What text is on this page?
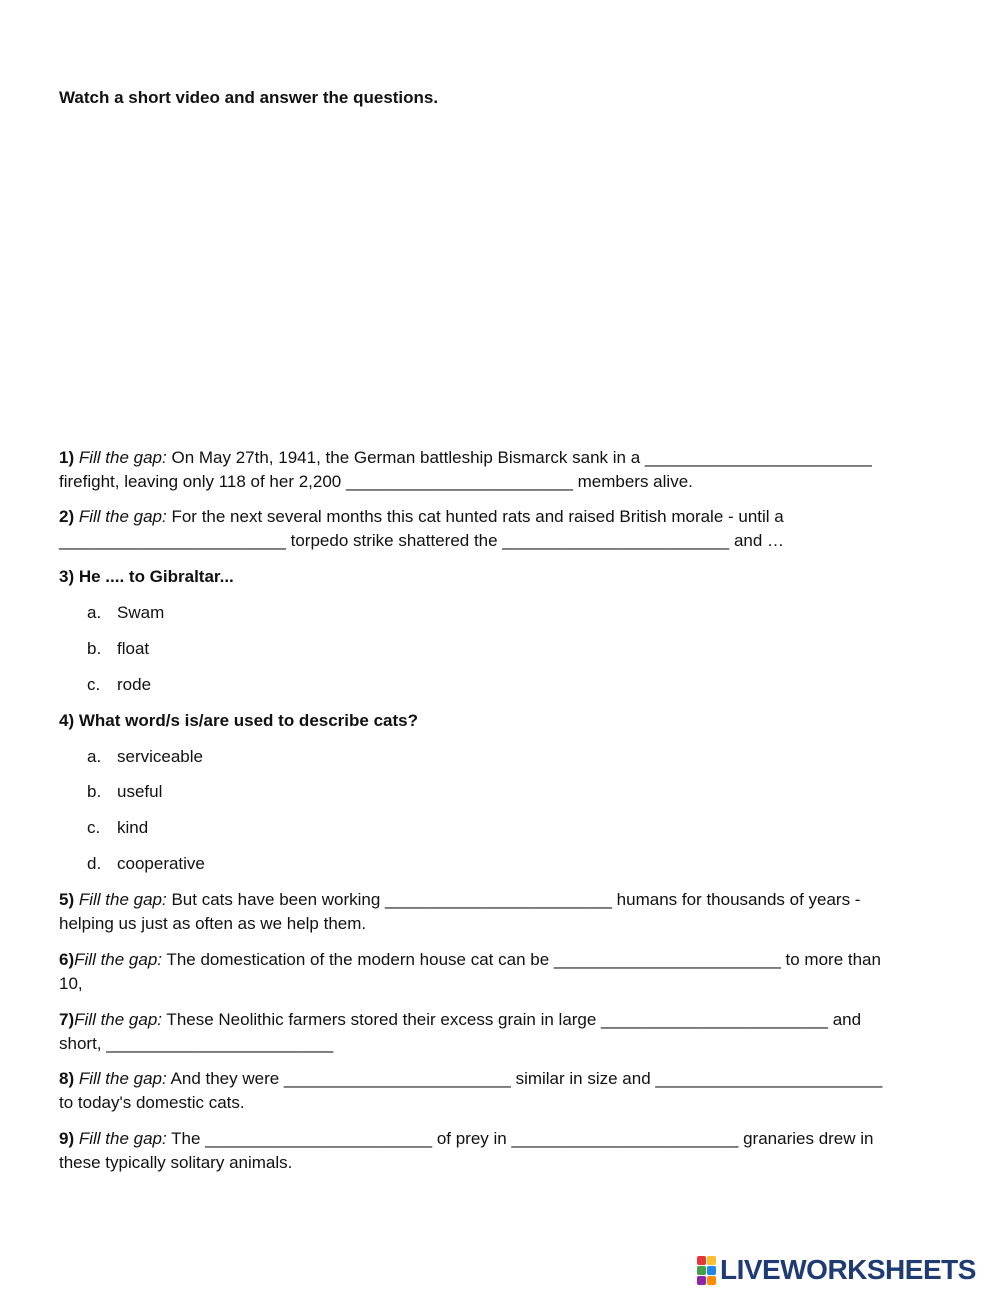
Watch a short video and answer the questions.
1) Fill the gap: On May 27th, 1941, the German battleship Bismarck sank in a ________________________
firefight, leaving only 118 of her 2,200 ________________________ members alive.
2) Fill the gap: For the next several months this cat hunted rats and raised British morale - until a
________________________ torpedo strike shattered the ________________________ and …
3) He .... to Gibraltar...
a. Swam
b. float
c. rode
4) What word/s is/are used to describe cats?
a. serviceable
b. useful
c. kind
d. cooperative
5) Fill the gap: But cats have been working ________________________ humans for thousands of years -
helping us just as often as we help them.
6)Fill the gap: The domestication of the modern house cat can be ________________________ to more than
10,
7)Fill the gap: These Neolithic farmers stored their excess grain in large ________________________ and
short, ________________________
8) Fill the gap: And they were ________________________ similar in size and ________________________
to today's domestic cats.
9) Fill the gap: The ________________________ of prey in ________________________ granaries drew in
these typically solitary animals.
LIVEWORKSHEETS
